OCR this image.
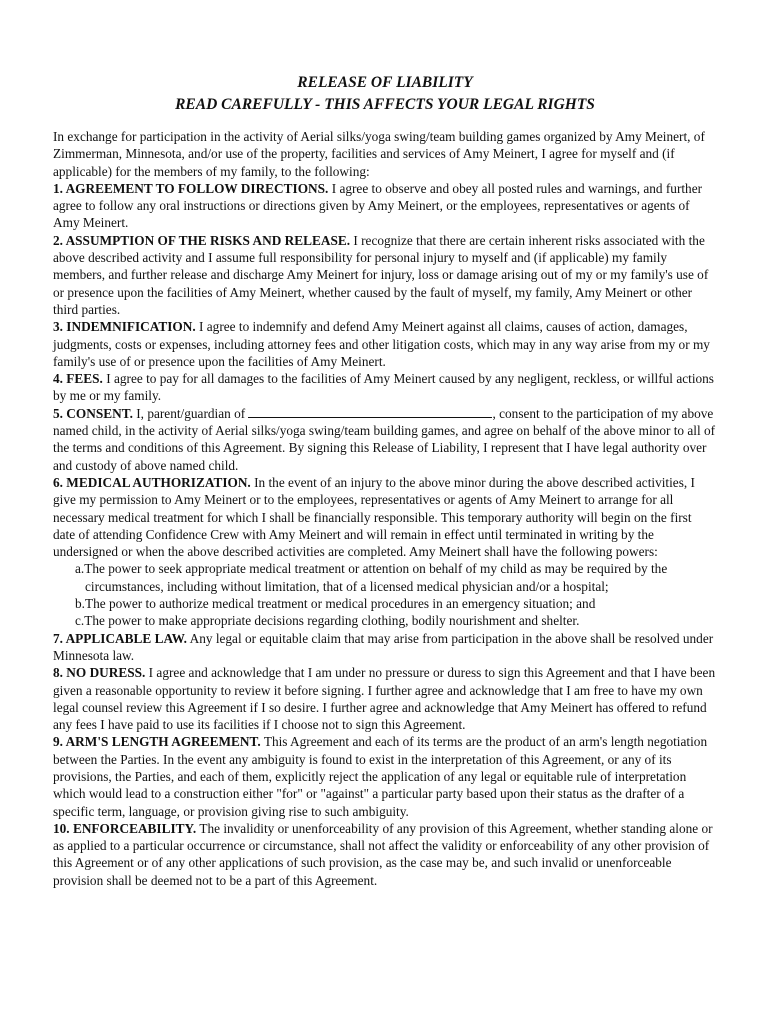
RELEASE OF LIABILITY

READ CAREFULLY - THIS AFFECTS YOUR LEGAL RIGHTS

In exchange for participation in the activity of Aerial silks/yoga swing/team building games organized by Amy Meinert, of Zimmerman, Minnesota, and/or use of the property, facilities and services of Amy Meinert, I agree for myself and (if applicable) for the members of my family, to the following:

1. AGREEMENT TO FOLLOW DIRECTIONS. I agree to observe and obey all posted rules and warnings, and further agree to follow any oral instructions or directions given by Amy Meinert, or the employees, representatives or agents of Amy Meinert.

2. ASSUMPTION OF THE RISKS AND RELEASE. I recognize that there are certain inherent risks associated with the above described activity and I assume full responsibility for personal injury to myself and (if applicable) my family members, and further release and discharge Amy Meinert for injury, loss or damage arising out of my or my family's use of or presence upon the facilities of Amy Meinert, whether caused by the fault of myself, my family, Amy Meinert or other third parties.

3. INDEMNIFICATION. I agree to indemnify and defend Amy Meinert against all claims, causes of action, damages, judgments, costs or expenses, including attorney fees and other litigation costs, which may in any way arise from my or my family's use of or presence upon the facilities of Amy Meinert.

4. FEES. I agree to pay for all damages to the facilities of Amy Meinert caused by any negligent, reckless, or willful actions by me or my family.

5. CONSENT. I, parent/guardian of	, consent to the participation of my above named child, in the activity of Aerial silks/yoga swing/team building games, and agree on behalf of the above minor to all of the terms and conditions of this Agreement. By signing this Release of Liability, I represent that I have legal authority over and custody of above named child.

6. MEDICAL AUTHORIZATION. In the event of an injury to the above minor during the above described activities, I give my permission to Amy Meinert or to the employees, representatives or agents of Amy Meinert to arrange for all necessary medical treatment for which I shall be financially responsible. This temporary authority will begin on the first date of attending Confidence Crew with Amy Meinert and will remain in effect until terminated in writing by the undersigned or when the above described activities are completed. Amy Meinert shall have the following powers:

a.The power to seek appropriate medical treatment or attention on behalf of my child as may be required by the circumstances, including without limitation, that of a licensed medical physician and/or a hospital;
b.The power to authorize medical treatment or medical procedures in an emergency situation; and
c.The power to make appropriate decisions regarding clothing, bodily nourishment and shelter.

7. APPLICABLE LAW. Any legal or equitable claim that may arise from participation in the above shall be resolved under Minnesota law.

8. NO DURESS. I agree and acknowledge that I am under no pressure or duress to sign this Agreement and that I have been given a reasonable opportunity to review it before signing. I further agree and acknowledge that I am free to have my own legal counsel review this Agreement if I so desire. I further agree and acknowledge that Amy Meinert has offered to refund any fees I have paid to use its facilities if I choose not to sign this Agreement.

9. ARM'S LENGTH AGREEMENT. This Agreement and each of its terms are the product of an arm's length negotiation between the Parties. In the event any ambiguity is found to exist in the interpretation of this Agreement, or any of its provisions, the Parties, and each of them, explicitly reject the application of any legal or equitable rule of interpretation which would lead to a construction either "for" or "against" a particular party based upon their status as the drafter of a specific term, language, or provision giving rise to such ambiguity.

10. ENFORCEABILITY. The invalidity or unenforceability of any provision of this Agreement, whether standing alone or as applied to a particular occurrence or circumstance, shall not affect the validity or enforceability of any other provision of this Agreement or of any other applications of such provision, as the case may be, and such invalid or unenforceable provision shall be deemed not to be a part of this Agreement.
